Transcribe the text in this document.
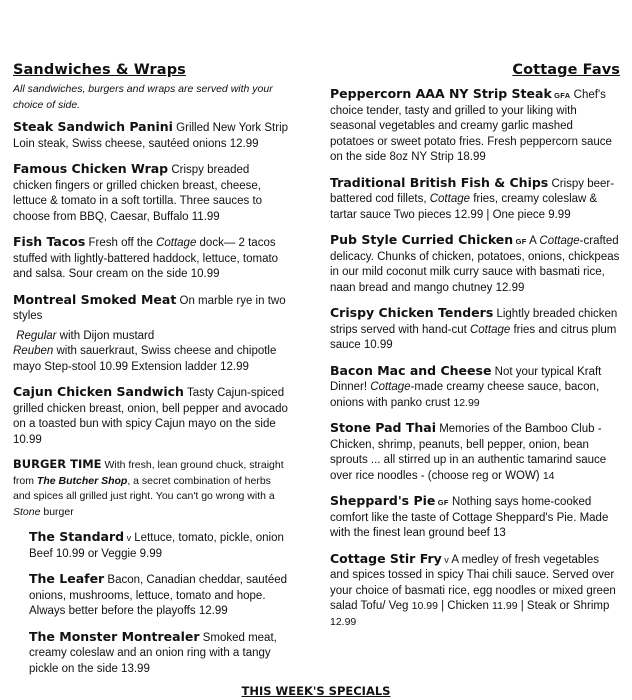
Sandwiches & Wraps
All sandwiches, burgers and wraps are served with your choice of side.
Steak Sandwich Panini Grilled New York Strip Loin steak, Swiss cheese, sautéed onions 12.99
Famous Chicken Wrap Crispy breaded chicken fingers or grilled chicken breast, cheese, lettuce & tomato in a soft tortilla. Three sauces to choose from BBQ, Caesar, Buffalo 11.99
Fish Tacos Fresh off the Cottage dock— 2 tacos stuffed with lightly-battered haddock, lettuce, tomato and salsa. Sour cream on the side 10.99
Montreal Smoked Meat On marble rye in two styles
Regular with Dijon mustard
Reuben with sauerkraut, Swiss cheese and chipotle mayo Step-stool 10.99 Extension ladder 12.99
Cajun Chicken Sandwich Tasty Cajun-spiced grilled chicken breast, onion, bell pepper and avocado on a toasted bun with spicy Cajun mayo on the side 10.99
BURGER TIME With fresh, lean ground chuck, straight from The Butcher Shop, a secret combination of herbs and spices all grilled just right. You can't go wrong with a Stone burger
The Standard v Lettuce, tomato, pickle, onion Beef 10.99 or Veggie 9.99
The Leafer Bacon, Canadian cheddar, sautéed onions, mushrooms, lettuce, tomato and hope. Always better before the playoffs 12.99
The Monster Montrealer Smoked meat, creamy coleslaw and an onion ring with a tangy pickle on the side 13.99
Cottage Favs
Peppercorn AAA NY Strip Steak GFA Chef's choice tender, tasty and grilled to your liking with seasonal vegetables and creamy garlic mashed potatoes or sweet potato fries. Fresh peppercorn sauce on the side 8oz NY Strip 18.99
Traditional British Fish & Chips Crispy beer-battered cod fillets, Cottage fries, creamy coleslaw & tartar sauce Two pieces 12.99 | One piece 9.99
Pub Style Curried Chicken GF A Cottage-crafted delicacy. Chunks of chicken, potatoes, onions, chickpeas in our mild coconut milk curry sauce with basmati rice, naan bread and mango chutney 12.99
Crispy Chicken Tenders Lightly breaded chicken strips served with hand-cut Cottage fries and citrus plum sauce 10.99
Bacon Mac and Cheese Not your typical Kraft Dinner! Cottage-made creamy cheese sauce, bacon, onions with panko crust 12.99
Stone Pad Thai Memories of the Bamboo Club - Chicken, shrimp, peanuts, bell pepper, onion, bean sprouts ... all stirred up in an authentic tamarind sauce over rice noodles - (choose reg or WOW) 14
Sheppard's Pie GF Nothing says home-cooked comfort like the taste of Cottage Sheppard's Pie. Made with the finest lean ground beef 13
Cottage Stir Fry v A medley of fresh vegetables and spices tossed in spicy Thai chili sauce. Served over your choice of basmati rice, egg noodles or mixed green salad Tofu/ Veg 10.99 | Chicken 11.99 | Steak or Shrimp 12.99
THIS WEEK'S SPECIALS
